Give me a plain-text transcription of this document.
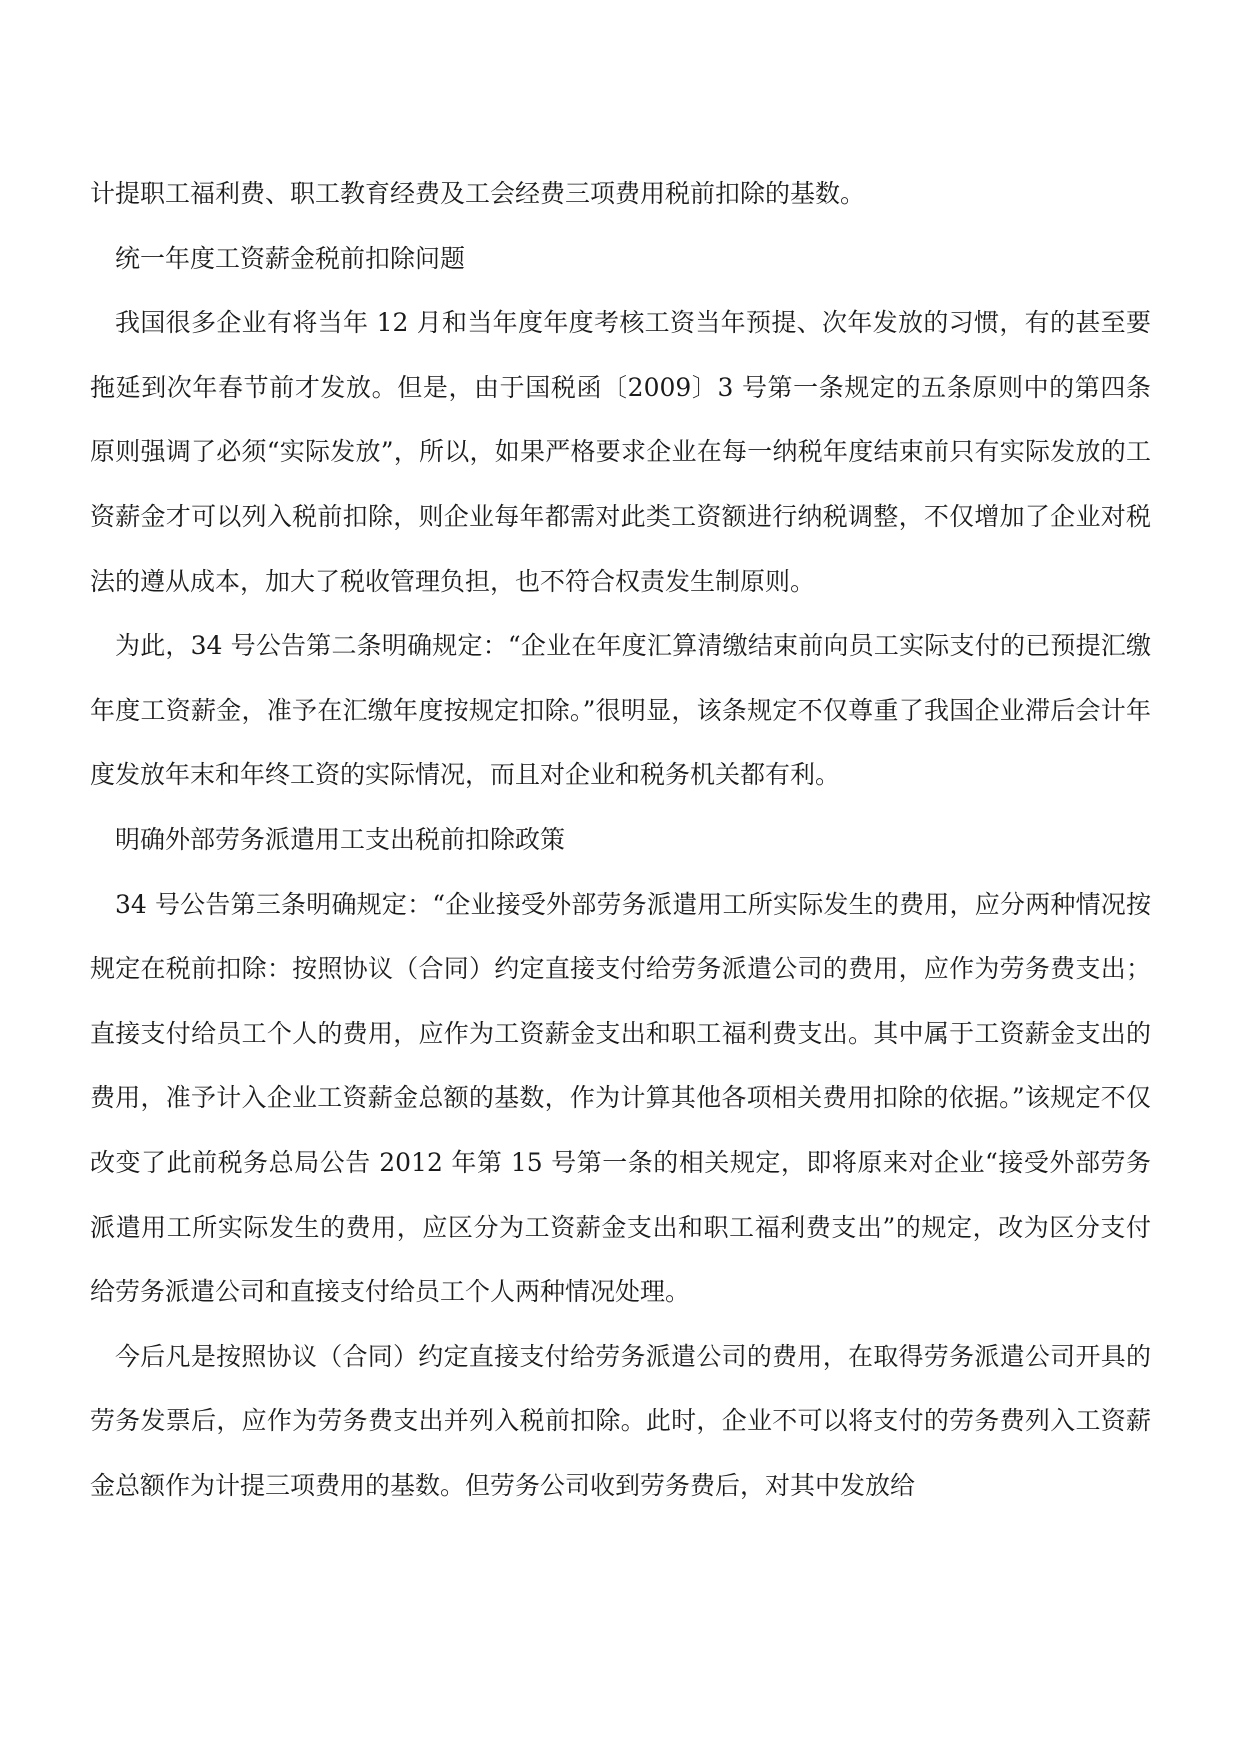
计提职工福利费、职工教育经费及工会经费三项费用税前扣除的基数。

统一年度工资薪金税前扣除问题

我国很多企业有将当年 12 月和当年度年度考核工资当年预提、次年发放的习惯，有的甚至要拖延到次年春节前才发放。但是，由于国税函〔2009〕3 号第一条规定的五条原则中的第四条原则强调了必须“实际发放”，所以，如果严格要求企业在每一纳税年度结束前只有实际发放的工资薪金才可以列入税前扣除，则企业每年都需对此类工资额进行纳税调整，不仅增加了企业对税法的遵从成本，加大了税收管理负担，也不符合权责发生制原则。

为此，34 号公告第二条明确规定：“企业在年度汇算清缴结束前向员工实际支付的已预提汇缴年度工资薪金，准予在汇缴年度按规定扣除。”很明显，该条规定不仅尊重了我国企业滞后会计年度发放年末和年终工资的实际情况，而且对企业和税务机关都有利。

明确外部劳务派遣用工支出税前扣除政策

34 号公告第三条明确规定：“企业接受外部劳务派遣用工所实际发生的费用，应分两种情况按规定在税前扣除：按照协议（合同）约定直接支付给劳务派遣公司的费用，应作为劳务费支出；直接支付给员工个人的费用，应作为工资薪金支出和职工福利费支出。其中属于工资薪金支出的费用，准予计入企业工资薪金总额的基数，作为计算其他各项相关费用扣除的依据。”该规定不仅改变了此前税务总局公告 2012 年第 15 号第一条的相关规定，即将原来对企业“接受外部劳务派遣用工所实际发生的费用，应区分为工资薪金支出和职工福利费支出”的规定，改为区分支付给劳务派遣公司和直接支付给员工个人两种情况处理。

今后凡是按照协议（合同）约定直接支付给劳务派遣公司的费用，在取得劳务派遣公司开具的劳务发票后，应作为劳务费支出并列入税前扣除。此时，企业不可以将支付的劳务费列入工资薪金总额作为计提三项费用的基数。但劳务公司收到劳务费后，对其中发放给
